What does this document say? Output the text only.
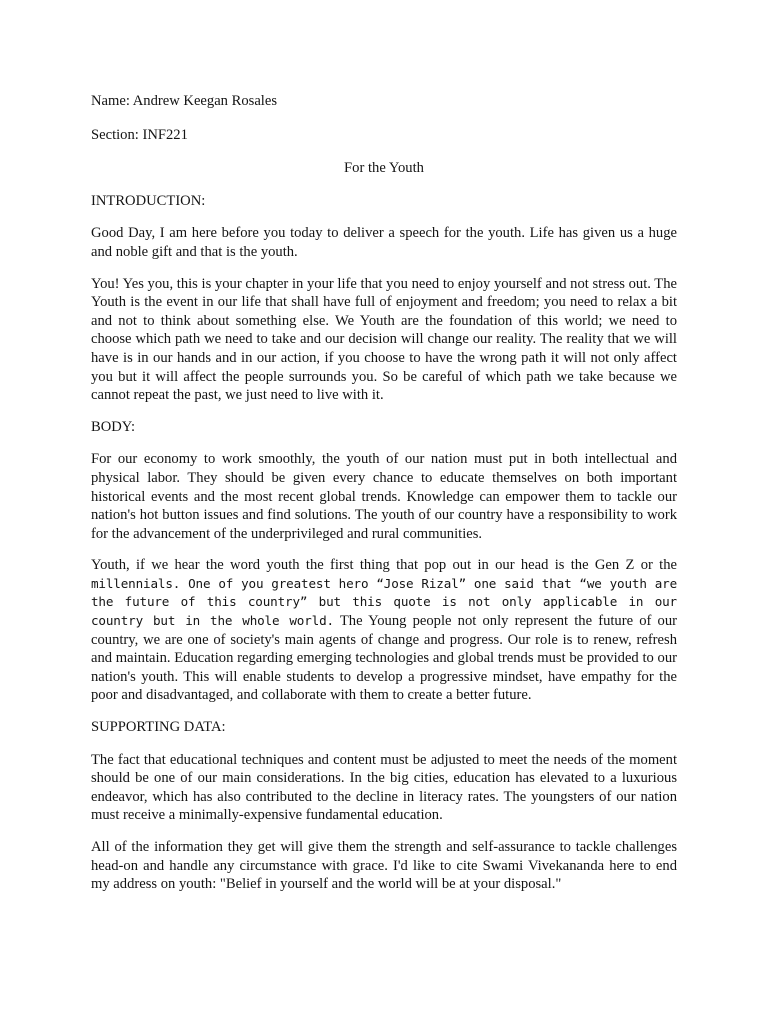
Name: Andrew Keegan Rosales

Section: INF221

For the Youth

INTRODUCTION:

Good Day, I am here before you today to deliver a speech for the youth. Life has given us a huge and noble gift and that is the youth.

You! Yes you, this is your chapter in your life that you need to enjoy yourself and not stress out. The Youth is the event in our life that shall have full of enjoyment and freedom; you need to relax a bit and not to think about something else. We Youth are the foundation of this world; we need to choose which path we need to take and our decision will change our reality. The reality that we will have is in our hands and in our action, if you choose to have the wrong path it will not only affect you but it will affect the people surrounds you. So be careful of which path we take because we cannot repeat the past, we just need to live with it.

BODY:

For our economy to work smoothly, the youth of our nation must put in both intellectual and physical labor. They should be given every chance to educate themselves on both important historical events and the most recent global trends. Knowledge can empower them to tackle our nation's hot button issues and find solutions. The youth of our country have a responsibility to work for the advancement of the underprivileged and rural communities.

Youth, if we hear the word youth the first thing that pop out in our head is the Gen Z or the millennials. One of you greatest hero “Jose Rizal” one said that “we youth are the future of this country” but this quote is not only applicable in our country but in the whole world. The Young people not only represent the future of our country, we are one of society's main agents of change and progress. Our role is to renew, refresh and maintain. Education regarding emerging technologies and global trends must be provided to our nation's youth. This will enable students to develop a progressive mindset, have empathy for the poor and disadvantaged, and collaborate with them to create a better future.

SUPPORTING DATA:

The fact that educational techniques and content must be adjusted to meet the needs of the moment should be one of our main considerations. In the big cities, education has elevated to a luxurious endeavor, which has also contributed to the decline in literacy rates. The youngsters of our nation must receive a minimally-expensive fundamental education.

All of the information they get will give them the strength and self-assurance to tackle challenges head-on and handle any circumstance with grace. I'd like to cite Swami Vivekananda here to end my address on youth: "Belief in yourself and the world will be at your disposal."
